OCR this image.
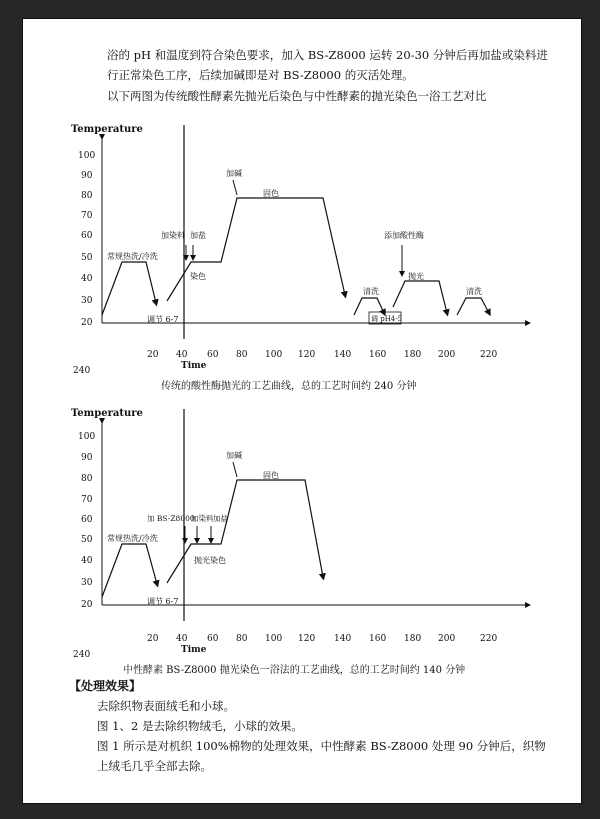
浴的 pH 和温度到符合染色要求，加入 BS-Z8000 运转 20-30 分钟后再加盐或染料进
行正常染色工序，后续加碱即是对 BS-Z8000 的灭活处理。
以下两图为传统酸性酵素先抛光后染色与中性酵素的抛光染色一浴工艺对比
Temperature
100
90
80
70
60
50
40
30
20
20 40 60 80 100 120 140 160 180 200	220
240
常规热洗/冷洗
调节 6-7
加染料 加盐
染色
加碱
固色
添加酸性酶
清洗
调 pH4-5
抛光
清洗
Time
传统的酸性酶抛光的工艺曲线，总的工艺时间约 240 分钟
Temperature
100
90
80
70
60
50
40
30
20
20 40 60 80 100 120 140 160 180 200	220
240
常规热洗/冷洗
调节 6-7
加 BS-Z8000
加染料 加盐
抛光染色
加碱
固色
Time
中性酵素 BS-Z8000 抛光染色一浴法的工艺曲线，总的工艺时间约 140 分钟
【处理效果】
去除织物表面绒毛和小球。
图 1、2 是去除织物绒毛，小球的效果。
图 1 所示是对机织 100%棉物的处理效果，中性酵素 BS-Z8000 处理 90 分钟后，织物
上绒毛几乎全部去除。
